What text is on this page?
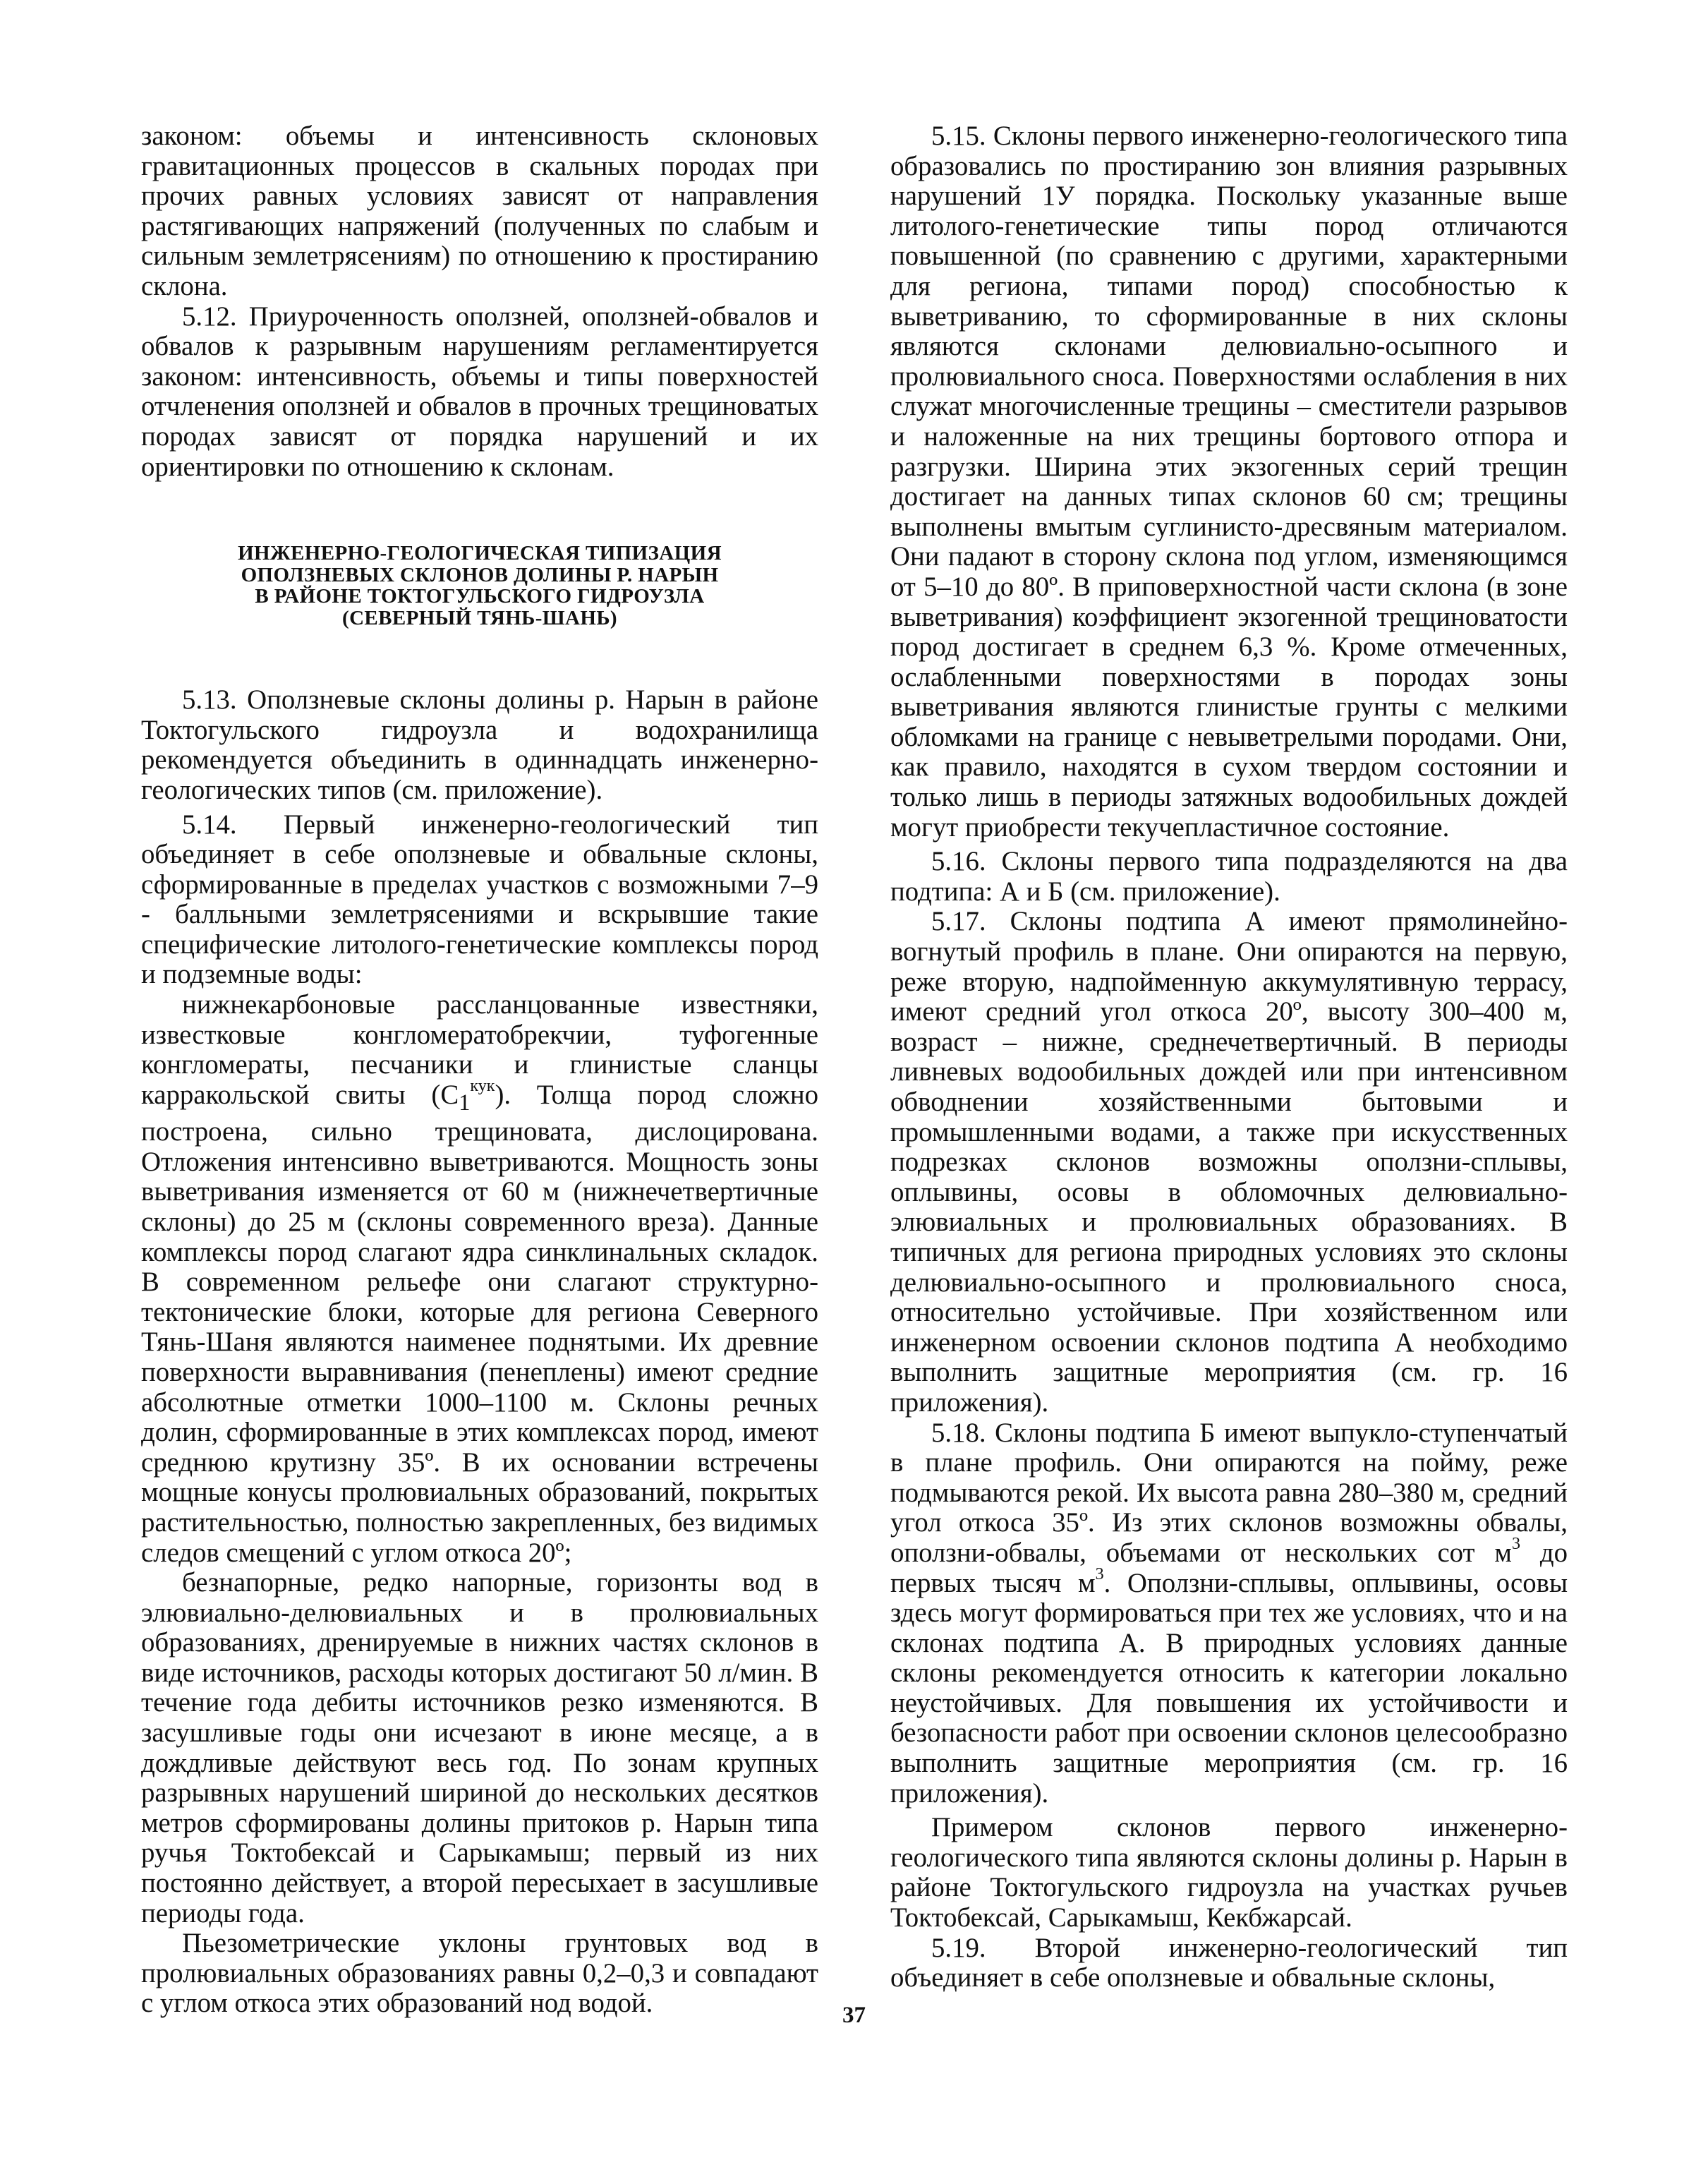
законом: объемы и интенсивность склоновых гравитационных процессов в скальных породах при прочих равных условиях зависят от направления растягивающих напряжений (полученных по слабым и сильным землетрясениям) по отношению к простиранию склона.

5.12. Приуроченность оползней, оползней-обвалов и обвалов к разрывным нарушениям регламентируется законом: интенсивность, объемы и типы поверхностей отчленения оползней и обвалов в прочных трещиноватых породах зависят от порядка нарушений и их ориентировки по отношению к склонам.

ИНЖЕНЕРНО-ГЕОЛОГИЧЕСКАЯ ТИПИЗАЦИЯ
ОПОЛЗНЕВЫХ СКЛОНОВ ДОЛИНЫ Р. НАРЫН
В РАЙОНЕ ТОКТОГУЛЬСКОГО ГИДРОУЗЛА
(СЕВЕРНЫЙ ТЯНЬ-ШАНЬ)

5.13. Оползневые склоны долины р. Нарын в районе Токтогульского гидроузла и водохранилища рекомендуется объединить в одиннадцать инженерно-геологических типов (см. приложение).

5.14. Первый инженерно-геологический тип объединяет в себе оползневые и обвальные склоны, сформированные в пределах участков с возможными 7–9 - балльными землетрясениями и вскрывшие такие специфические литолого-генетические комплексы пород и подземные воды:

нижнекарбоновые рассланцованные известняки, известковые конгломератобрекчии, туфогенные конгломераты, песчаники и глинистые сланцы карракольской свиты $(C_1^{кук})$. Толща пород сложно построена, сильно трещиновата, дислоцирована. Отложения интенсивно выветриваются. Мощность зоны выветривания изменяется от 60 м (нижнечетвертичные склоны) до 25 м (склоны современного вреза). Данные комплексы пород слагают ядра синклинальных складок. В современном рельефе они слагают структурно-тектонические блоки, которые для региона Северного Тянь-Шаня являются наименее поднятыми. Их древние поверхности выравнивания (пенеплены) имеют средние абсолютные отметки 1000–1100 м. Склоны речных долин, сформированные в этих комплексах пород, имеют среднюю крутизну 35º. В их основании встречены мощные конусы пролювиальных образований, покрытых растительностью, полностью закрепленных, без видимых следов смещений с углом откоса 20º;

безнапорные, редко напорные, горизонты вод в элювиально-делювиальных и в пролювиальных образованиях, дренируемые в нижних частях склонов в виде источников, расходы которых достигают 50 л/мин. В течение года дебиты источников резко изменяются. В засушливые годы они исчезают в июне месяце, а в дождливые действуют весь год. По зонам крупных разрывных нарушений шириной до нескольких десятков метров сформированы долины притоков р. Нарын типа ручья Токтобексай и Сарыкамыш; первый из них постоянно действует, а второй пересыхает в засушливые периоды года.

Пьезометрические уклоны грунтовых вод в пролювиальных образованиях равны 0,2–0,3 и совпадают с углом откоса этих образований нод водой.

5.15. Склоны первого инженерно-геологического типа образовались по простиранию зон влияния разрывных нарушений 1У порядка. Поскольку указанные выше литолого-генетические типы пород отличаются повышенной (по сравнению с другими, характерными для региона, типами пород) способностью к выветриванию, то сформированные в них склоны являются склонами делювиально-осыпного и пролювиального сноса. Поверхностями ослабления в них служат многочисленные трещины – сместители разрывов и наложенные на них трещины бортового отпора и разгрузки. Ширина этих экзогенных серий трещин достигает на данных типах склонов 60 см; трещины выполнены вмытым суглинисто-дресвяным материалом. Они падают в сторону склона под углом, изменяющимся от 5–10 до 80º. В приповерхностной части склона (в зоне выветривания) коэффициент экзогенной трещиноватости пород достигает в среднем 6,3 %. Кроме отмеченных, ослабленными поверхностями в породах зоны выветривания являются глинистые грунты с мелкими обломками на границе с невыветрелыми породами. Они, как правило, находятся в сухом твердом состоянии и только лишь в периоды затяжных водообильных дождей могут приобрести текучепластичное состояние.

5.16. Склоны первого типа подразделяются на два подтипа: А и Б (см. приложение).

5.17. Склоны подтипа А имеют прямолинейно-вогнутый профиль в плане. Они опираются на первую, реже вторую, надпойменную аккумулятивную террасу, имеют средний угол откоса 20º, высоту 300–400 м, возраст – нижне, среднечетвертичный. В периоды ливневых водообильных дождей или при интенсивном обводнении хозяйственными бытовыми и промышленными водами, а также при искусственных подрезках склонов возможны оползни-сплывы, оплывины, осовы в обломочных делювиально-элювиальных и пролювиальных образованиях. В типичных для региона природных условиях это склоны делювиально-осыпного и пролювиального сноса, относительно устойчивые. При хозяйственном или инженерном освоении склонов подтипа А необходимо выполнить защитные мероприятия (см. гр. 16 приложения).

5.18. Склоны подтипа Б имеют выпукло-ступенчатый в плане профиль. Они опираются на пойму, реже подмываются рекой. Их высота равна 280–380 м, средний угол откоса 35º. Из этих склонов возможны обвалы, оползни-обвалы, объемами от нескольких сот $м^3$ до первых тысяч $м^3$. Оползни-сплывы, оплывины, осовы здесь могут формироваться при тех же условиях, что и на склонах подтипа А. В природных условиях данные склоны рекомендуется относить к категории локально неустойчивых. Для повышения их устойчивости и безопасности работ при освоении склонов целесообразно выполнить защитные мероприятия (см. гр. 16 приложения).

Примером склонов первого инженерно-геологического типа являются склоны долины р. Нарын в районе Токтогульского гидроузла на участках ручьев Токтобексай, Сарыкамыш, Кекбжарсай.

5.19. Второй инженерно-геологический тип объединяет в себе оползневые и обвальные склоны,

37
